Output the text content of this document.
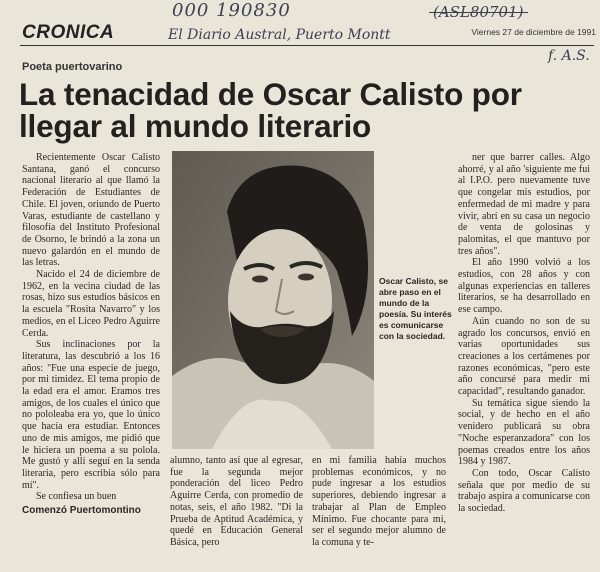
CRONICA	Viernes 27 de diciembre de 1991
000 190830
El Diario Austral, Puerto Montt
(ASL80701)
f. A.S.
Poeta puertovarino
La tenacidad de Oscar Calisto por llegar al mundo literario

Recientemente Oscar Calisto Santana, ganó el concurso nacional literario al que llamó la Federación de Estudiantes de Chile. El joven, oriundo de Puerto Varas, estudiante de castellano y filosofía del Instituto Profesional de Osorno, le brindó a la zona un nuevo galardón en el mundo de las letras.

Nacido el 24 de diciembre de 1962, en la vecina ciudad de las rosas, hizo sus estudios básicos en la escuela "Rosita Navarro" y los medios, en el Liceo Pedro Aguirre Cerda.

Sus inclinaciones por la literatura, las descubrió a los 16 años: "Fue una especie de juego, por mi timidez. El tema propio de la edad era el amor. Eramos tres amigos, de los cuales el único que no pololeaba era yo, que lo único que hacía era estudiar. Entonces uno de mis amigos, me pidió que le hiciera un poema a su polola. Me gustó y allí seguí en la senda literaria, pero escribía sólo para mí".

Se confiesa un buen

Comenzó Puertomontino

Oscar Calisto, se abre paso en el mundo de la poesía. Su interés es comunicarse con la sociedad.

alumno, tanto así que al egresar, fue la segunda mejor ponderación del liceo Pedro Aguirre Cerda, con promedio de notas, seis, el año 1982. "Di la Prueba de Aptitud Académica, y quedé en Educación General Básica, pero

en mi familia había muchos problemas económicos, y no pude ingresar a los estudios superiores, debiendo ingresar a trabajar al Plan de Empleo Mínimo. Fue chocante para mí, ser el segundo mejor alumno de la comuna y te-

ner que barrer calles. Algo ahorré, y al año 'siguiente me fui al I.P.O. pero nuevamente tuve que congelar mis estudios, por enfermedad de mi madre y para vivir, abrí en su casa un negocio de venta de golosinas y palomitas, el que mantuvo por tres años".

El año 1990 volvió a los estudios, con 28 años y con algunas experiencias en talleres literarios, se ha desarrollado en ese campo.

Aún cuando no son de su agrado los concursos, envió en varias oportunidades sus creaciones a los certámenes por razones económicas, "pero este año concursé para medir mi capacidad", resultando ganador.

Su temática sigue siendo la social, y de hecho en el año venidero publicará su obra "Noche esperanzadora" con los poemas creados entre los años 1984 y 1987.

Con todo, Oscar Calisto señala que por medio de su trabajo aspira a comunicarse con la sociedad.
